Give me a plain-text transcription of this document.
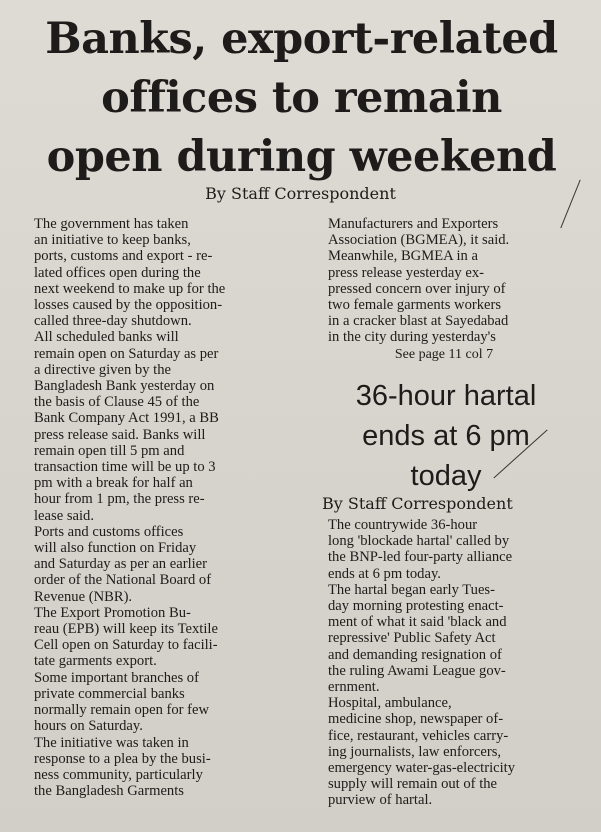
Banks, export-related
offices to remain
open during weekend
By Staff Correspondent

The government has taken
an initiative to keep banks,
ports, customs and export - re-
lated offices open during the
next weekend to make up for the
losses caused by the opposition-
called three-day shutdown.

All scheduled banks will
remain open on Saturday as per
a directive given by the
Bangladesh Bank yesterday on
the basis of Clause 45 of the
Bank Company Act 1991, a BB
press release said. Banks will
remain open till 5 pm and
transaction time will be up to 3
pm with a break for half an
hour from 1 pm, the press re-
lease said.

Ports and customs offices
will also function on Friday
and Saturday as per an earlier
order of the National Board of
Revenue (NBR).

The Export Promotion Bu-
reau (EPB) will keep its Textile
Cell open on Saturday to facili-
tate garments export.

Some important branches of
private commercial banks
normally remain open for few
hours on Saturday.

The initiative was taken in
response to a plea by the busi-
ness community, particularly
the Bangladesh Garments

Manufacturers and Exporters
Association (BGMEA), it said.

Meanwhile, BGMEA in a
press release yesterday ex-
pressed concern over injury of
two female garments workers
in a cracker blast at Sayedabad
in the city during yesterday's

See page 11 col 7
36-hour hartal
ends at 6 pm
today
By Staff Correspondent

The countrywide 36-hour
long 'blockade hartal' called by
the BNP-led four-party alliance
ends at 6 pm today.

The hartal began early Tues-
day morning protesting enact-
ment of what it said 'black and
repressive' Public Safety Act
and demanding resignation of
the ruling Awami League gov-
ernment.

Hospital, ambulance,
medicine shop, newspaper of-
fice, restaurant, vehicles carry-
ing journalists, law enforcers,
emergency water-gas-electricity
supply will remain out of the
purview of hartal.
